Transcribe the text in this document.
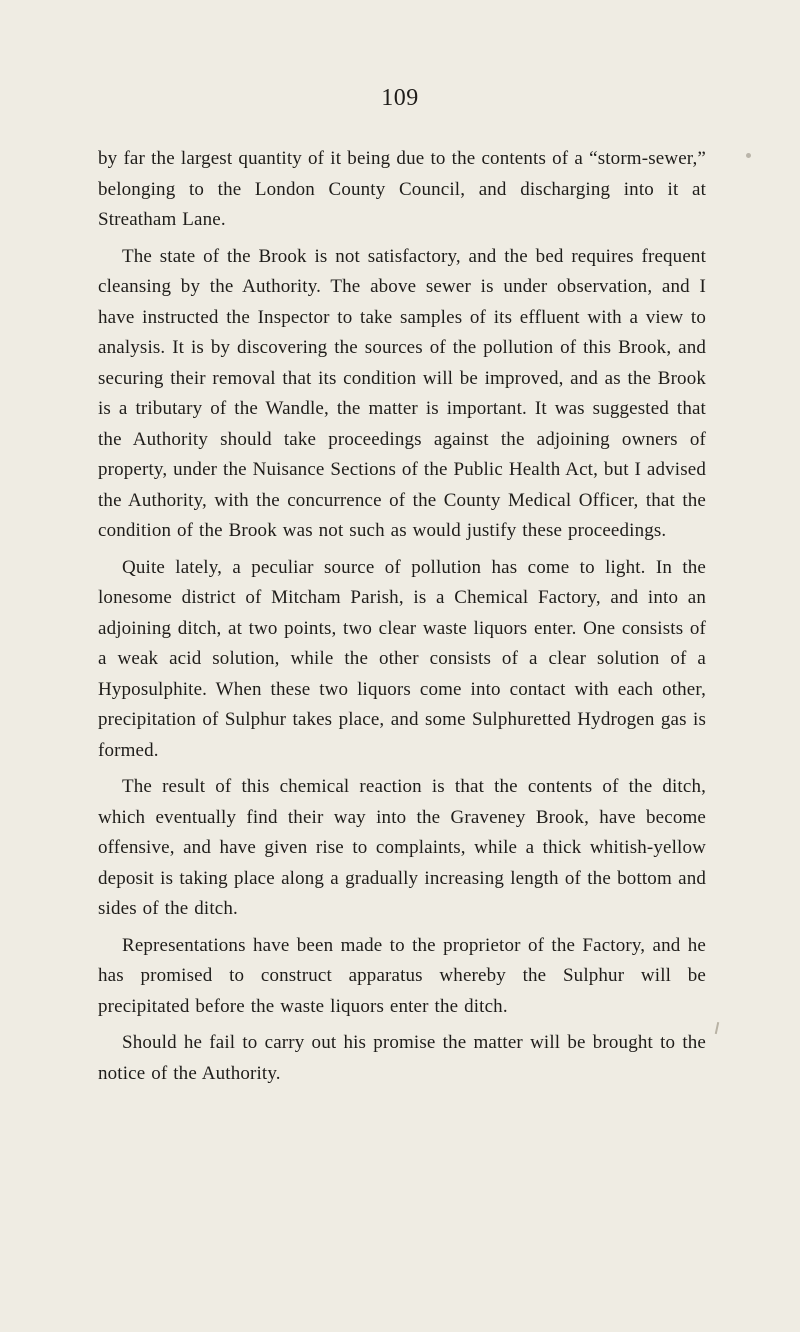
109

by far the largest quantity of it being due to the contents of a “storm-sewer,” belonging to the London County Council, and discharging into it at Streatham Lane.

The state of the Brook is not satisfactory, and the bed requires frequent cleansing by the Authority. The above sewer is under observation, and I have instructed the Inspector to take samples of its effluent with a view to analysis. It is by discovering the sources of the pollution of this Brook, and securing their removal that its condition will be improved, and as the Brook is a tributary of the Wandle, the matter is important. It was suggested that the Authority should take proceedings against the adjoining owners of property, under the Nuisance Sections of the Public Health Act, but I advised the Authority, with the concurrence of the County Medical Officer, that the condition of the Brook was not such as would justify these proceedings.

Quite lately, a peculiar source of pollution has come to light. In the lonesome district of Mitcham Parish, is a Chemical Factory, and into an adjoining ditch, at two points, two clear waste liquors enter. One consists of a weak acid solution, while the other consists of a clear solution of a Hyposulphite. When these two liquors come into contact with each other, precipitation of Sulphur takes place, and some Sulphuretted Hydrogen gas is formed.

The result of this chemical reaction is that the contents of the ditch, which eventually find their way into the Graveney Brook, have become offensive, and have given rise to complaints, while a thick whitish-yellow deposit is taking place along a gradually increasing length of the bottom and sides of the ditch.

Representations have been made to the proprietor of the Factory, and he has promised to construct apparatus whereby the Sulphur will be precipitated before the waste liquors enter the ditch.

Should he fail to carry out his promise the matter will be brought to the notice of the Authority.
